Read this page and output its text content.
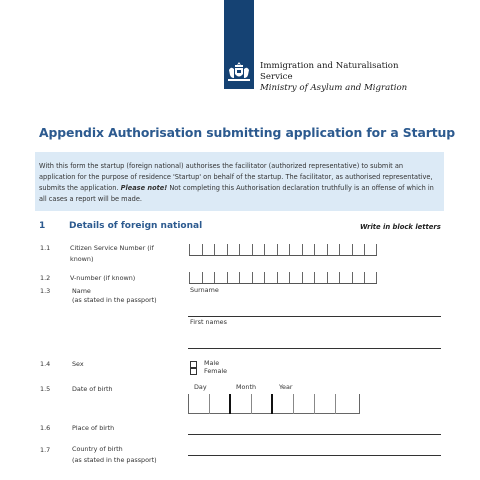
Immigration and Naturalisation
Service
Ministry of Asylum and Migration
Appendix Authorisation submitting application for a Startup
With this form the startup (foreign national) authorises the facilitator (authorized representative) to submit an application for the purpose of residence 'Startup' on behalf of the startup. The facilitator, as authorised representative, submits the application. Please note! Not completing this Authorisation declaration truthfully is an offense of which in all cases a report will be made.
1	Details of foreign national	Write in block letters
1.1	Citizen Service Number (if
known)
1.2	V-number (if known)
1.3	Name
(as stated in the passport)
Surname
First names
1.4	Sex	Male
Female
1.5	Date of birth	Day	Month	Year
1.6	Place of birth
1.7	Country of birth
(as stated in the passport)
